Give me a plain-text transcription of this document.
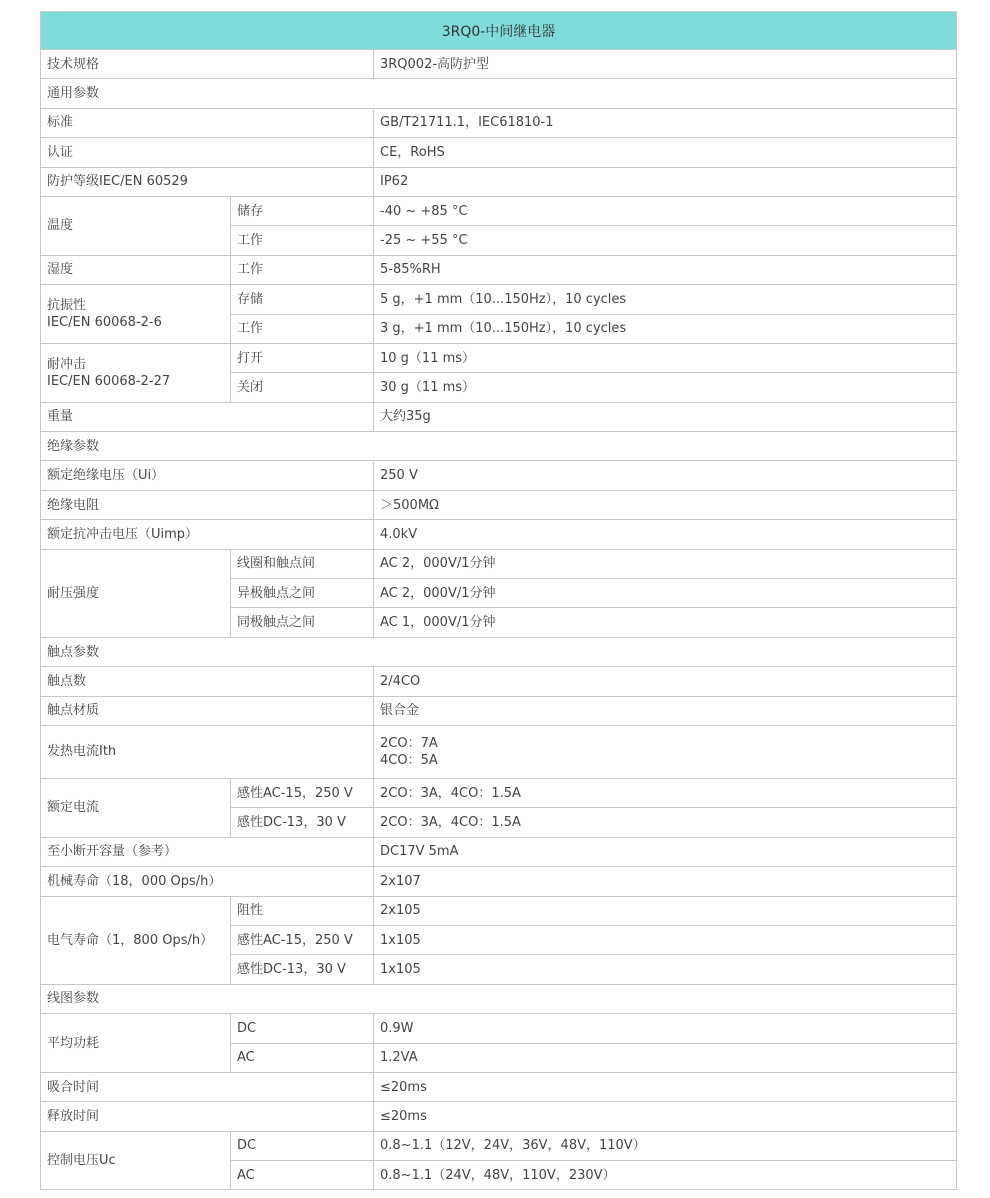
3RQ0-中间继电器		
技术规格		3RQ002-高防护型
通用参数		
标准		GB/T21711.1，IEC61810-1
认证		CE，RoHS
防护等级IEC/EN 60529		IP62
温度	储存	-40 ~ +85 °C
	工作	-25 ~ +55 °C
湿度	工作	5-85%RH

抗振性
IEC/EN 60068-2-6	存储	5 g，+1 mm（10...150Hz），10 cycles
	工作	3 g，+1 mm（10...150Hz），10 cycles

耐冲击
IEC/EN 60068-2-27	打开	10 g（11 ms）
	关闭	30 g（11 ms）
重量		大约35g
绝缘参数		
额定绝缘电压（Ui）		250 V
绝缘电阻		＞500MΩ
额定抗冲击电压（Uimp）		4.0kV
耐压强度	线圈和触点间	AC 2，000V/1分钟
	异极触点之间	AC 2，000V/1分钟
	同极触点之间	AC 1，000V/1分钟
触点参数		
触点数		2/4CO
触点材质		银合金
发热电流Ith		2CO：7A
4CO：5A

额定电流	感性AC-15，250 V	2CO：3A，4CO：1.5A
	感性DC-13，30 V	2CO：3A，4CO：1.5A
至小断开容量（参考）		DC17V 5mA
机械寿命（18，000 Ops/h）		2x107
电气寿命（1，800 Ops/h）	阻性	2x105
	感性AC-15，250 V	1x105
	感性DC-13，30 V	1x105
线图参数		
平均功耗	DC	0.9W
	AC	1.2VA
吸合时间		≤20ms
释放时间		≤20ms
控制电压Uc	DC	0.8~1.1（12V，24V，36V，48V，110V）
	AC	0.8~1.1（24V，48V，110V，230V）
